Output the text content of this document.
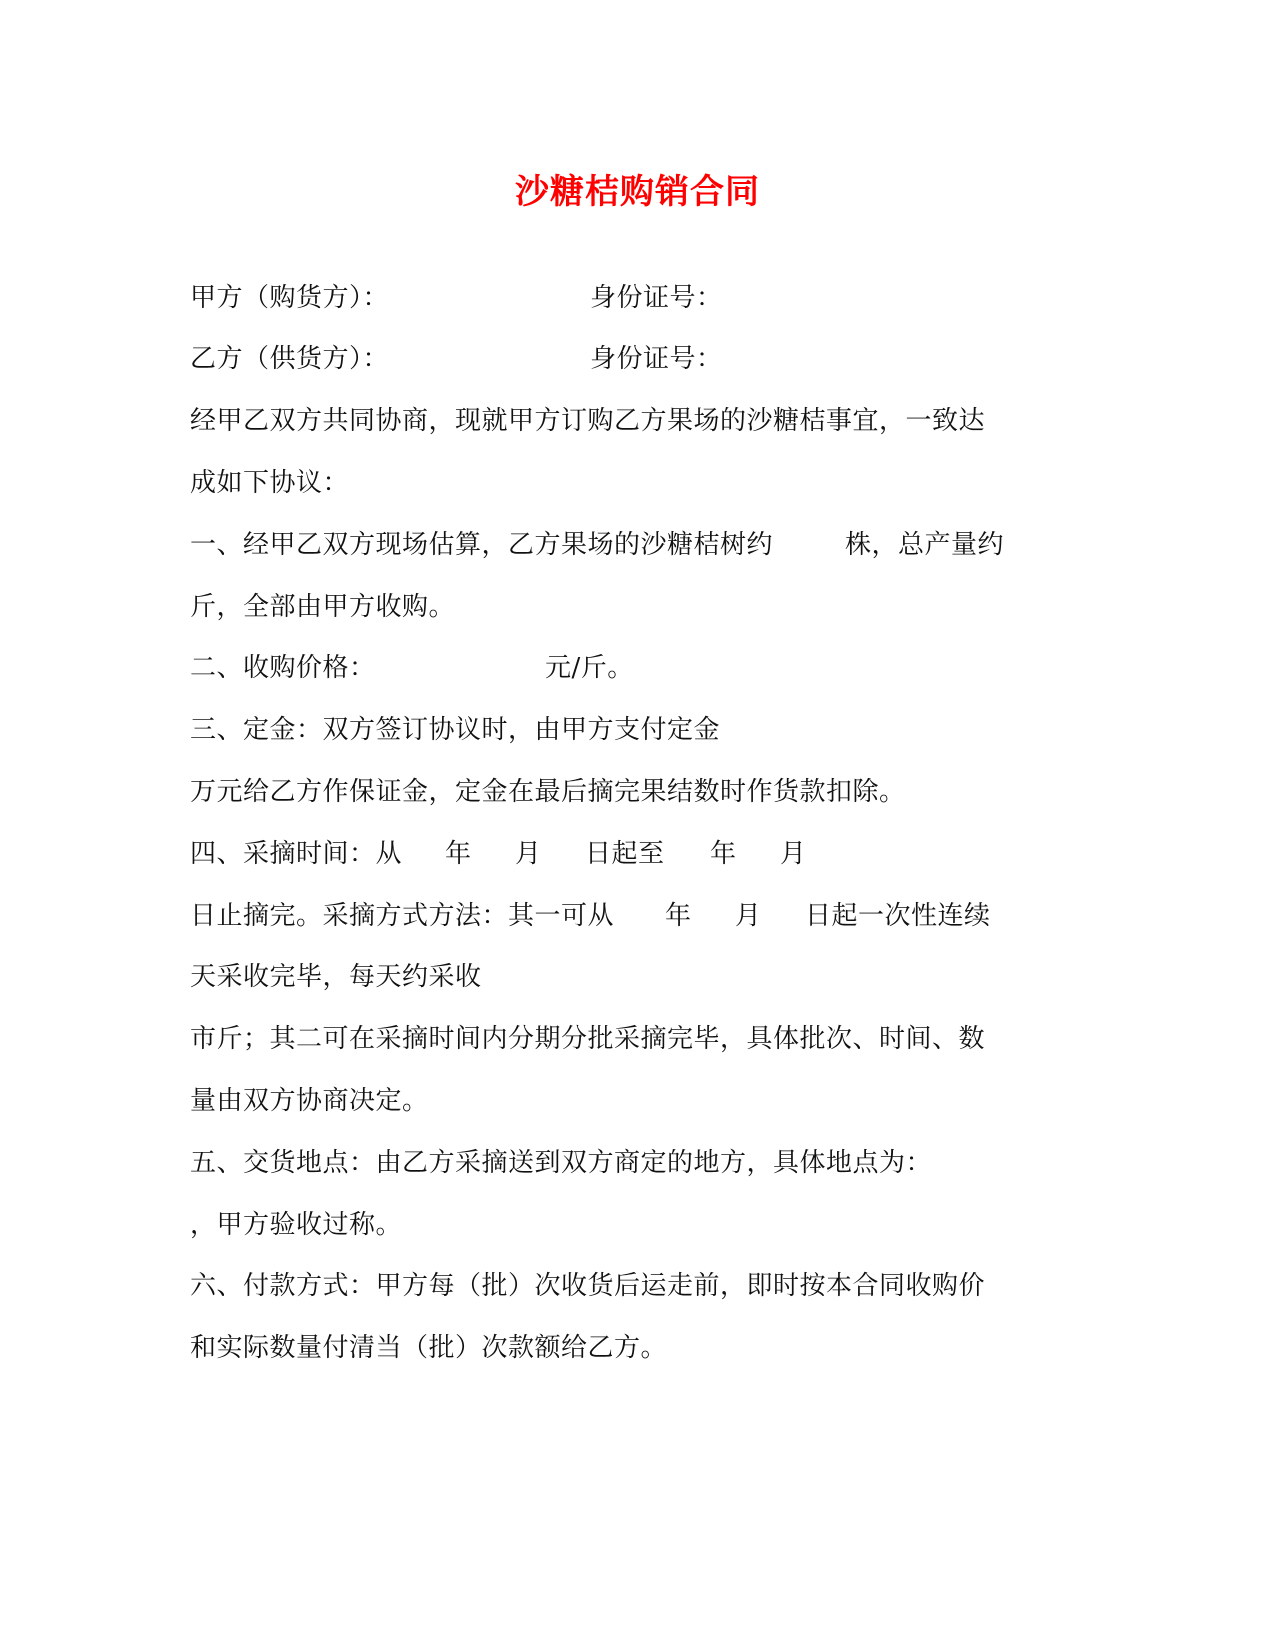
沙糖桔购销合同
甲方（购货方）：	身份证号：
乙方（供货方）：	身份证号：
经甲乙双方共同协商，现就甲方订购乙方果场的沙糖桔事宜，一致达
成如下协议：
一、经甲乙双方现场估算，乙方果场的沙糖桔树约	株，总产量约
斤，全部由甲方收购。
二、收购价格：	元/斤。
三、定金：双方签订协议时，由甲方支付定金
万元给乙方作保证金，定金在最后摘完果结数时作货款扣除。
四、采摘时间：从 年 月 日起至 年 月
日止摘完。采摘方式方法：其一可从 年 月 日起一次性连续
天采收完毕，每天约采收
市斤；其二可在采摘时间内分期分批采摘完毕，具体批次、时间、数
量由双方协商决定。
五、交货地点：由乙方采摘送到双方商定的地方，具体地点为：
，甲方验收过称。
六、付款方式：甲方每（批）次收货后运走前，即时按本合同收购价
和实际数量付清当（批）次款额给乙方。
